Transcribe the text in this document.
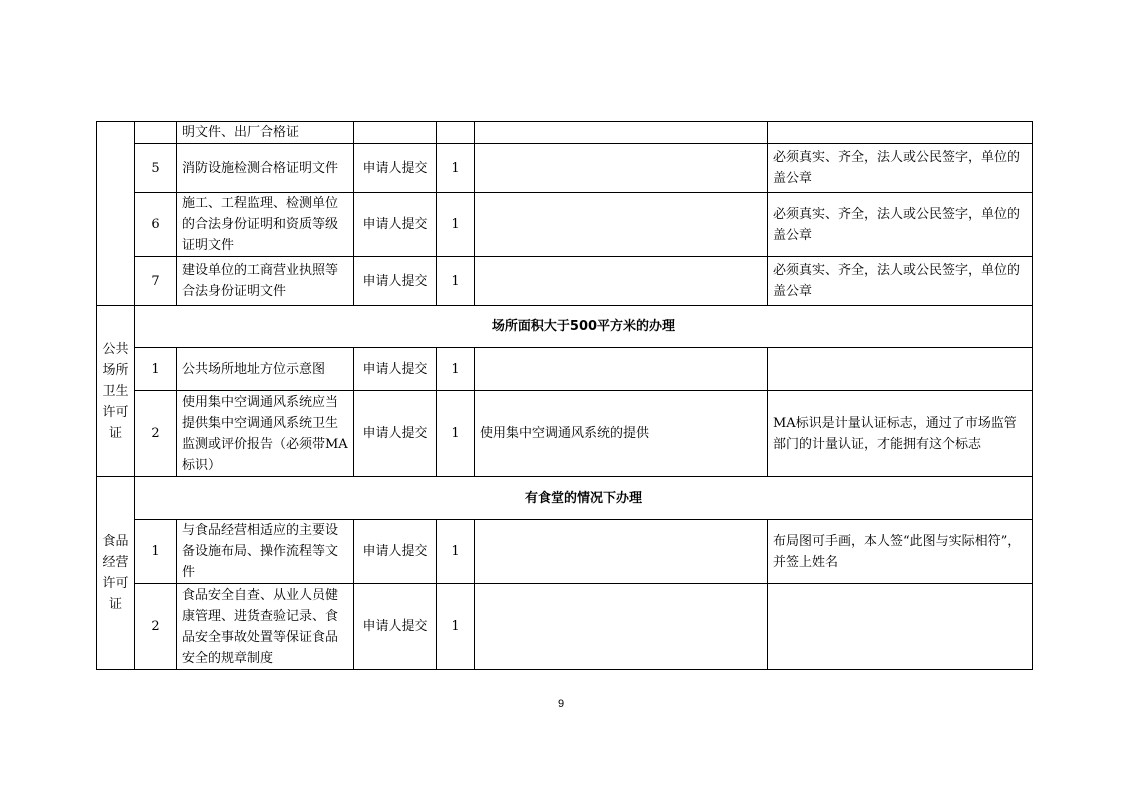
		明文件、出厂合格证				
	5	消防设施检测合格证明文件	申请人提交	1		必须真实、齐全，法人或公民签字，单位的盖公章
	6	施工、工程监理、检测单位的合法身份证明和资质等级证明文件	申请人提交	1		必须真实、齐全，法人或公民签字，单位的盖公章
	7	建设单位的工商营业执照等合法身份证明文件	申请人提交	1		必须真实、齐全，法人或公民签字，单位的盖公章
公共场所卫生许可证	场所面积大于500平方米的办理					
	1	公共场所地址方位示意图	申请人提交	1		
	2	使用集中空调通风系统应当提供集中空调通风系统卫生监测或评价报告（必须带MA标识）	申请人提交	1	使用集中空调通风系统的提供	MA标识是计量认证标志，通过了市场监管部门的计量认证，才能拥有这个标志
食品经营许可证	有食堂的情况下办理					
	1	与食品经营相适应的主要设备设施布局、操作流程等文件	申请人提交	1		布局图可手画，本人签“此图与实际相符”，并签上姓名
	2	食品安全自查、从业人员健康管理、进货查验记录、食品安全事故处置等保证食品安全的规章制度	申请人提交	1		
9
